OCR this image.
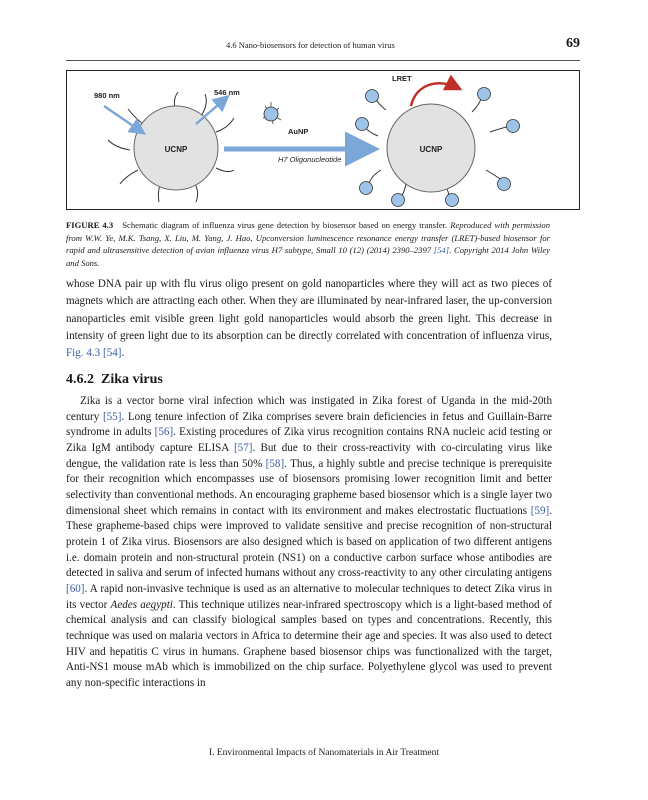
4.6 Nano-biosensors for detection of human virus	69
UCNP
980 nm	546 nm
AuNP
H7 Oligonucleotide
UCNP
LRET
FIGURE 4.3 Schematic diagram of influenza virus gene detection by biosensor based on energy transfer. Reproduced with permission from W.W. Ye, M.K. Tsang, X. Liu, M. Yang, J. Hao, Upconversion luminescence resonance energy transfer (LRET)-based biosensor for rapid and ultrasensitive detection of avian influenza virus H7 subtype, Small 10 (12) (2014) 2390–2397 [54]. Copyright 2014 John Wiley and Sons.

whose DNA pair up with flu virus oligo present on gold nanoparticles where they will act as two pieces of magnets which are attracting each other. When they are illuminated by near-infrared laser, the up-conversion nanoparticles emit visible green light gold nanoparticles would absorb the green light. This decrease in intensity of green light due to its absorption can be directly correlated with concentration of influenza virus, Fig. 4.3 [54].

4.6.2 Zika virus

Zika is a vector borne viral infection which was instigated in Zika forest of Uganda in the mid-20th century [55]. Long tenure infection of Zika comprises severe brain deficiencies in fetus and Guillain-Barre syndrome in adults [56]. Existing procedures of Zika virus recognition contains RNA nucleic acid testing or Zika IgM antibody capture ELISA [57]. But due to their cross-reactivity with co-circulating virus like dengue, the validation rate is less than 50% [58]. Thus, a highly subtle and precise technique is prerequisite for their recognition which encompasses use of biosensors promising lower recognition limit and better selectivity than conventional methods. An encouraging grapheme based biosensor which is a single layer two dimensional sheet which remains in contact with its environment and makes electrostatic fluctuations [59]. These grapheme-based chips were improved to validate sensitive and precise recognition of non-structural protein 1 of Zika virus. Biosensors are also designed which is based on application of two different antigens i.e. domain protein and non-structural protein (NS1) on a conductive carbon surface whose antibodies are detected in saliva and serum of infected humans without any cross-reactivity to any other circulating antigens [60]. A rapid non-invasive technique is used as an alternative to molecular techniques to detect Zika virus in its vector Aedes aegypti. This technique utilizes near-infrared spectroscopy which is a light-based method of chemical analysis and can classify biological samples based on types and concentrations. Recently, this technique was used on malaria vectors in Africa to determine their age and species. It was also used to detect HIV and hepatitis C virus in humans. Graphene based biosensor chips was functionalized with the target, Anti-NS1 mouse mAb which is immobilized on the chip surface. Polyethylene glycol was used to prevent any non-specific interactions in

I. Environmental Impacts of Nanomaterials in Air Treatment
